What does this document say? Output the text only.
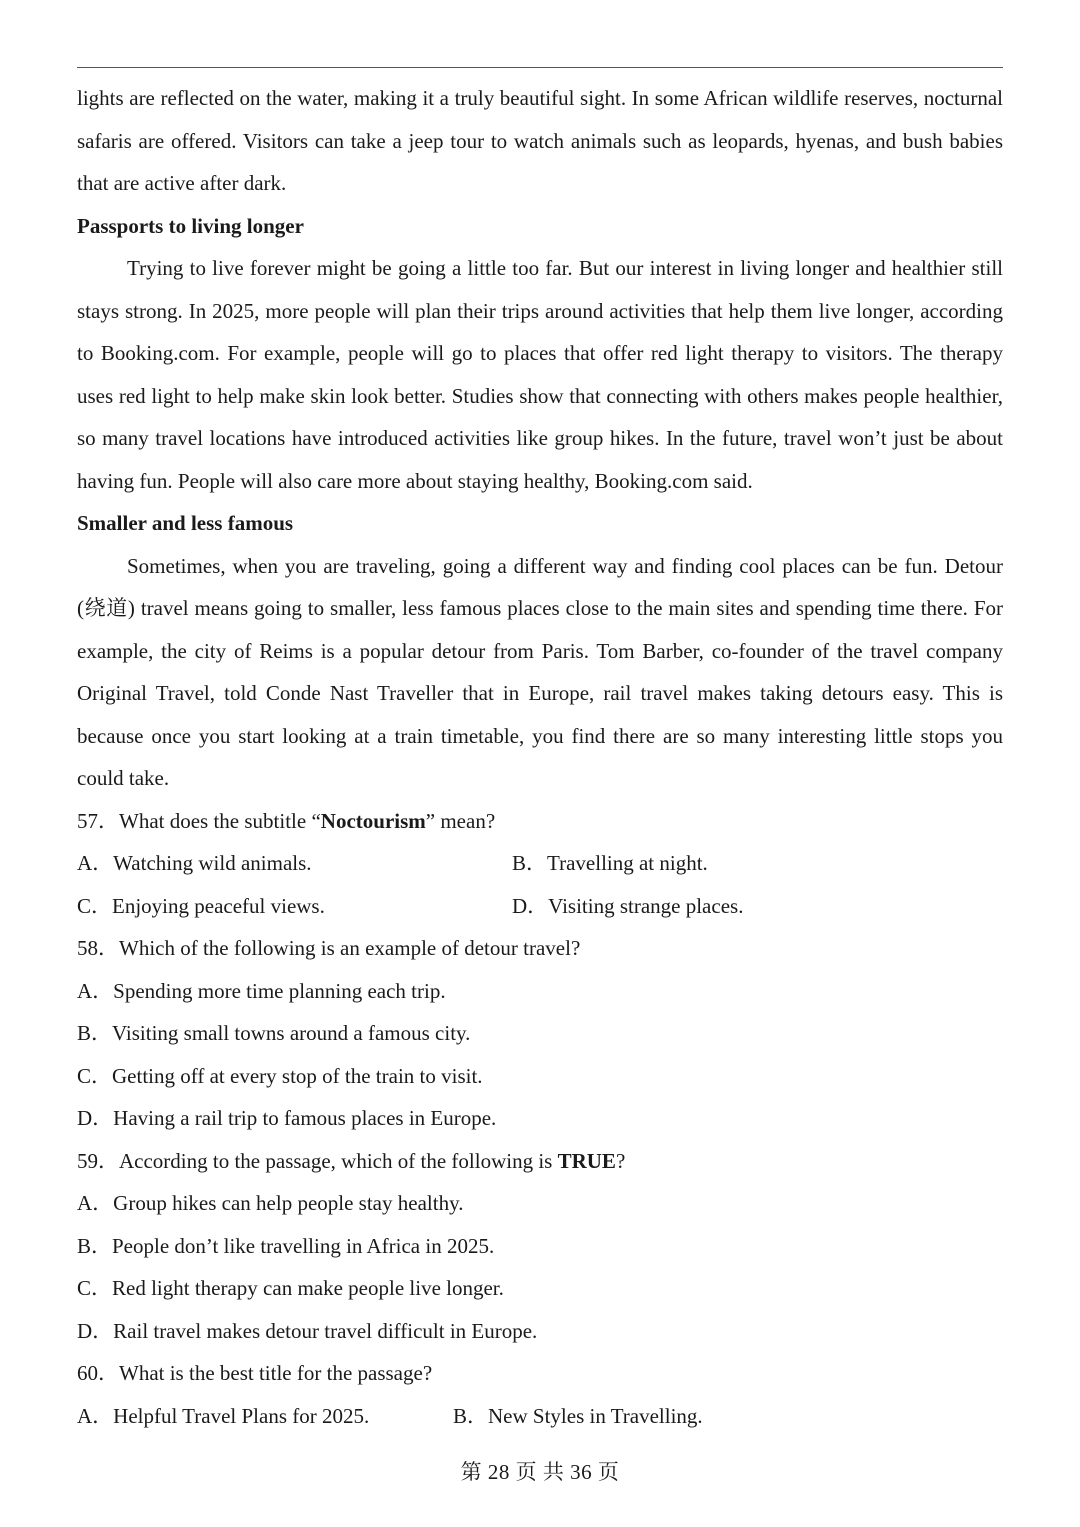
lights are reflected on the water, making it a truly beautiful sight. In some African wildlife reserves, nocturnal safaris are offered. Visitors can take a jeep tour to watch animals such as leopards, hyenas, and bush babies that are active after dark.

Passports to living longer

Trying to live forever might be going a little too far. But our interest in living longer and healthier still stays strong. In 2025, more people will plan their trips around activities that help them live longer, according to Booking.com. For example, people will go to places that offer red light therapy to visitors. The therapy uses red light to help make skin look better. Studies show that connecting with others makes people healthier, so many travel locations have introduced activities like group hikes. In the future, travel won’t just be about having fun. People will also care more about staying healthy, Booking.com said.

Smaller and less famous

Sometimes, when you are traveling, going a different way and finding cool places can be fun. Detour (绕道) travel means going to smaller, less famous places close to the main sites and spending time there. For example, the city of Reims is a popular detour from Paris. Tom Barber, co-founder of the travel company Original Travel, told Conde Nast Traveller that in Europe, rail travel makes taking detours easy. This is because once you start looking at a train timetable, you find there are so many interesting little stops you could take.

57．What does the subtitle “Noctourism” mean?

A．Watching wild animals.	B．Travelling at night.
C．Enjoying peaceful views.	D．Visiting strange places.

58．Which of the following is an example of detour travel?

A．Spending more time planning each trip.

B．Visiting small towns around a famous city.

C．Getting off at every stop of the train to visit.

D．Having a rail trip to famous places in Europe.

59．According to the passage, which of the following is TRUE?

A．Group hikes can help people stay healthy.

B．People don’t like travelling in Africa in 2025.

C．Red light therapy can make people live longer.

D．Rail travel makes detour travel difficult in Europe.

60．What is the best title for the passage?

A．Helpful Travel Plans for 2025.	B．New Styles in Travelling.
第 28 页 共 36 页
